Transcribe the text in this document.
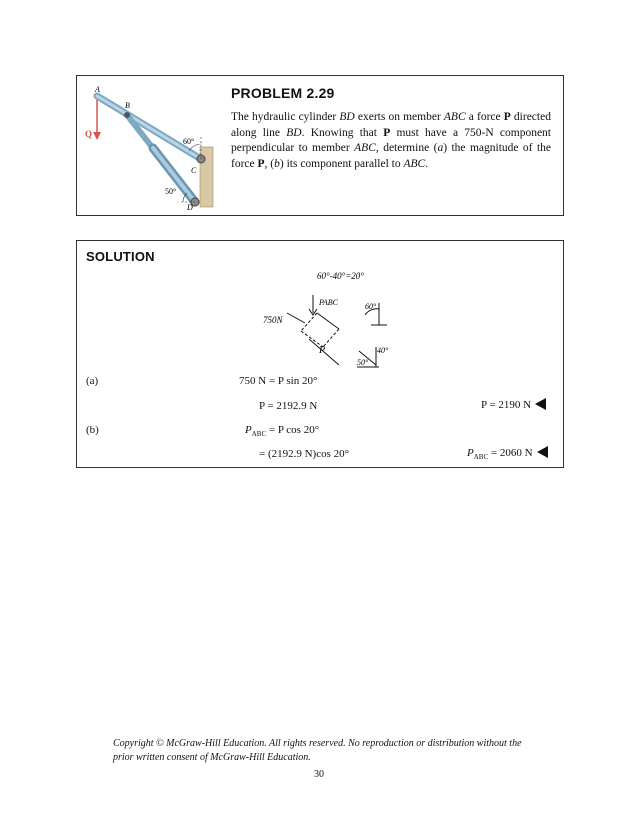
A
B
C
D
Q
60°
50°
PROBLEM 2.29
The hydraulic cylinder BD exerts on member ABC a force P directed along line BD. Knowing that P must have a 750-N component perpendicular to member ABC, determine (a) the magnitude of the force P, (b) its component parallel to ABC.
SOLUTION
60°-40°=20°
750N
PABC
P
60°
40°
50°
(a)	750 N = P sin 20°
P = 2192.9 N	P = 2190 N
(b)	$P_{ABC} = P$ cos 20°
= (2192.9 N)cos 20°	$P_{ABC} = 2060$ N
Copyright © McGraw-Hill Education. All rights reserved. No reproduction or distribution without the prior written consent of McGraw-Hill Education.
30
